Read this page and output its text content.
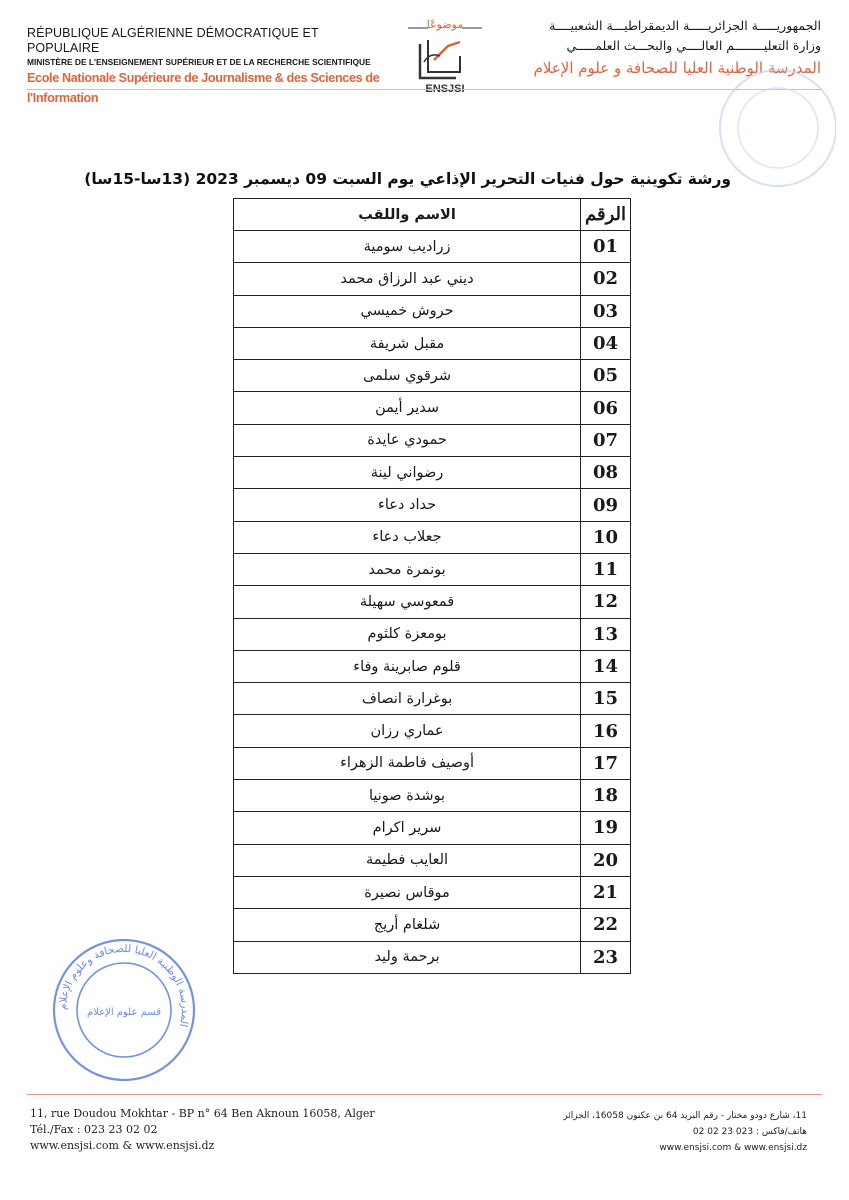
RÉPUBLIQUE ALGÉRIENNE DÉMOCRATIQUE ET POPULAIRE
MINISTÈRE DE L'ENSEIGNEMENT SUPÉRIEUR ET DE LA RECHERCHE SCIENTIFIQUE
Ecole Nationale Supérieure de Journalisme & des Sciences de l'Information
موضوعًا
ENSJSI
الجمهوريـــــة الجزائريـــــة الديمقراطيـــة الشعبيــــة
وزارة التعليــــــــم العالــــي والبحـــث العلمـــــي
المدرسة الوطنية العليا للصحافة و علوم الإعلام
ورشة تكوينية حول فنيات التحرير الإذاعي يوم السبت 09 ديسمبر 2023 (13سا-15سا)
الاسم واللقب	الرقم
زراديب سومية	01
ديني عبد الرزاق محمد	02
حروش خميسي	03
مقبل شريفة	04
شرقوي سلمى	05
سدير أيمن	06
حمودي عايدة	07
رضواني لينة	08
حداد دعاء	09
جعلاب دعاء	10
بونمرة محمد	11
قمعوسي سهيلة	12
بومعزة كلثوم	13
قلوم صابرينة وفاء	14
بوغرارة انصاف	15
عماري رزان	16
أوصيف فاطمة الزهراء	17
بوشدة صونيا	18
سرير اكرام	19
العايب فطيمة	20
موقاس نصيرة	21
شلغام أريج	22
برحمة وليد	23
المدرسة الوطنية العليا للصحافة وعلوم الإعلام
قسم علوم الإعلام
11, rue Doudou Mokhtar - BP n° 64 Ben Aknoun 16058, Alger
Tél./Fax : 023 23 02 02
www.ensjsi.com & www.ensjsi.dz
11، شارع دودو مختار - رقم البريد 64 بن عكنون 16058، الجزائر
هاتف/فاكس : 023 23 02 02
www.ensjsi.com & www.ensjsi.dz
